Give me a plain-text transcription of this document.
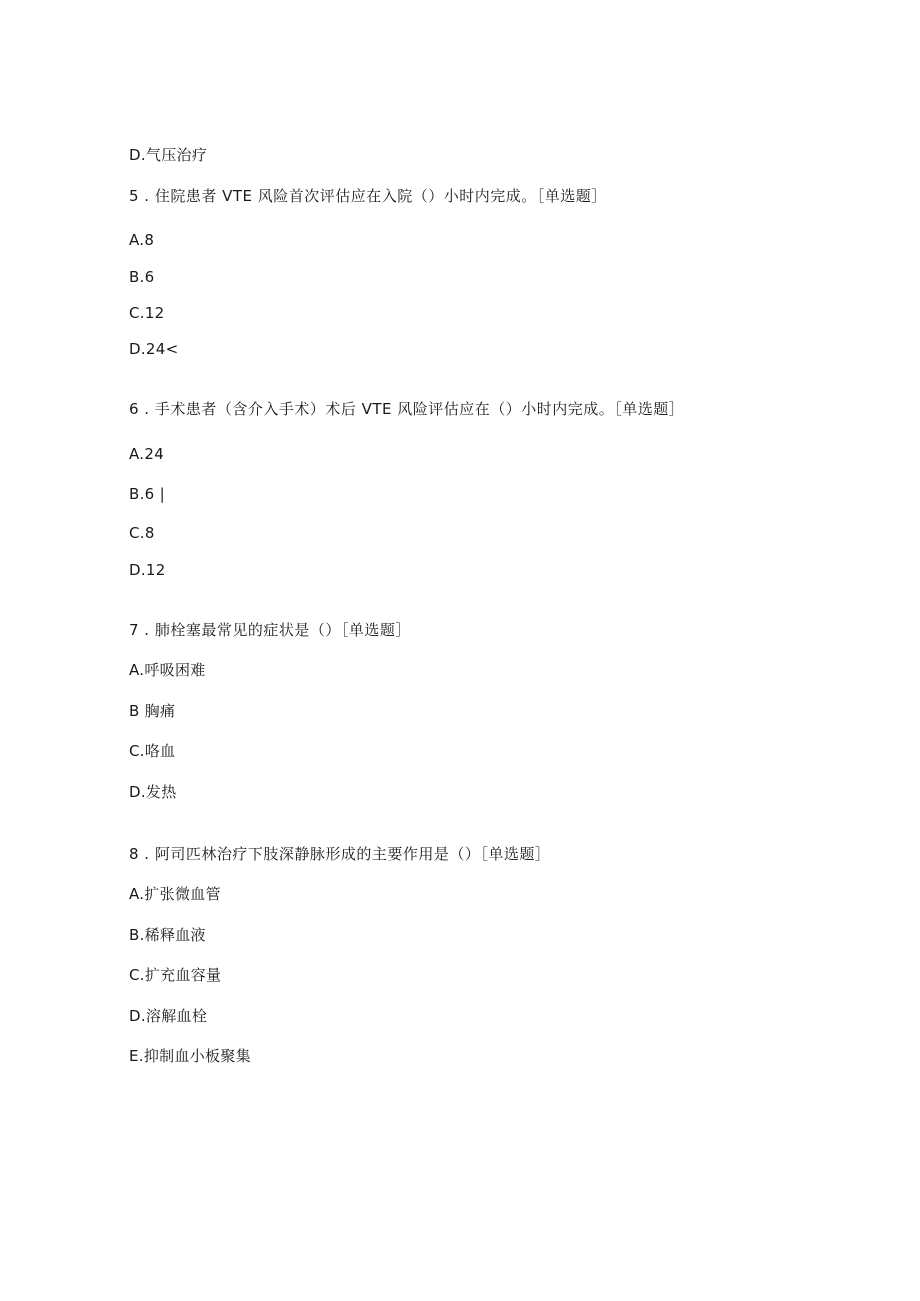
D.气压治疗
5 . 住院患者 VTE 风险首次评估应在入院（）小时内完成。［单选题］
A.8
B.6
C.12
D.24<
6 . 手术患者（含介入手术）术后 VTE 风险评估应在（）小时内完成。［单选题］
A.24
B.6 |
C.8
D.12
7 . 肺栓塞最常见的症状是（）［单选题］
A.呼吸困难
B 胸痛
C.咯血
D.发热
8 . 阿司匹林治疗下肢深静脉形成的主要作用是（）［单选题］
A.扩张微血管
B.稀释血液
C.扩充血容量
D.溶解血栓
E.抑制血小板聚集
